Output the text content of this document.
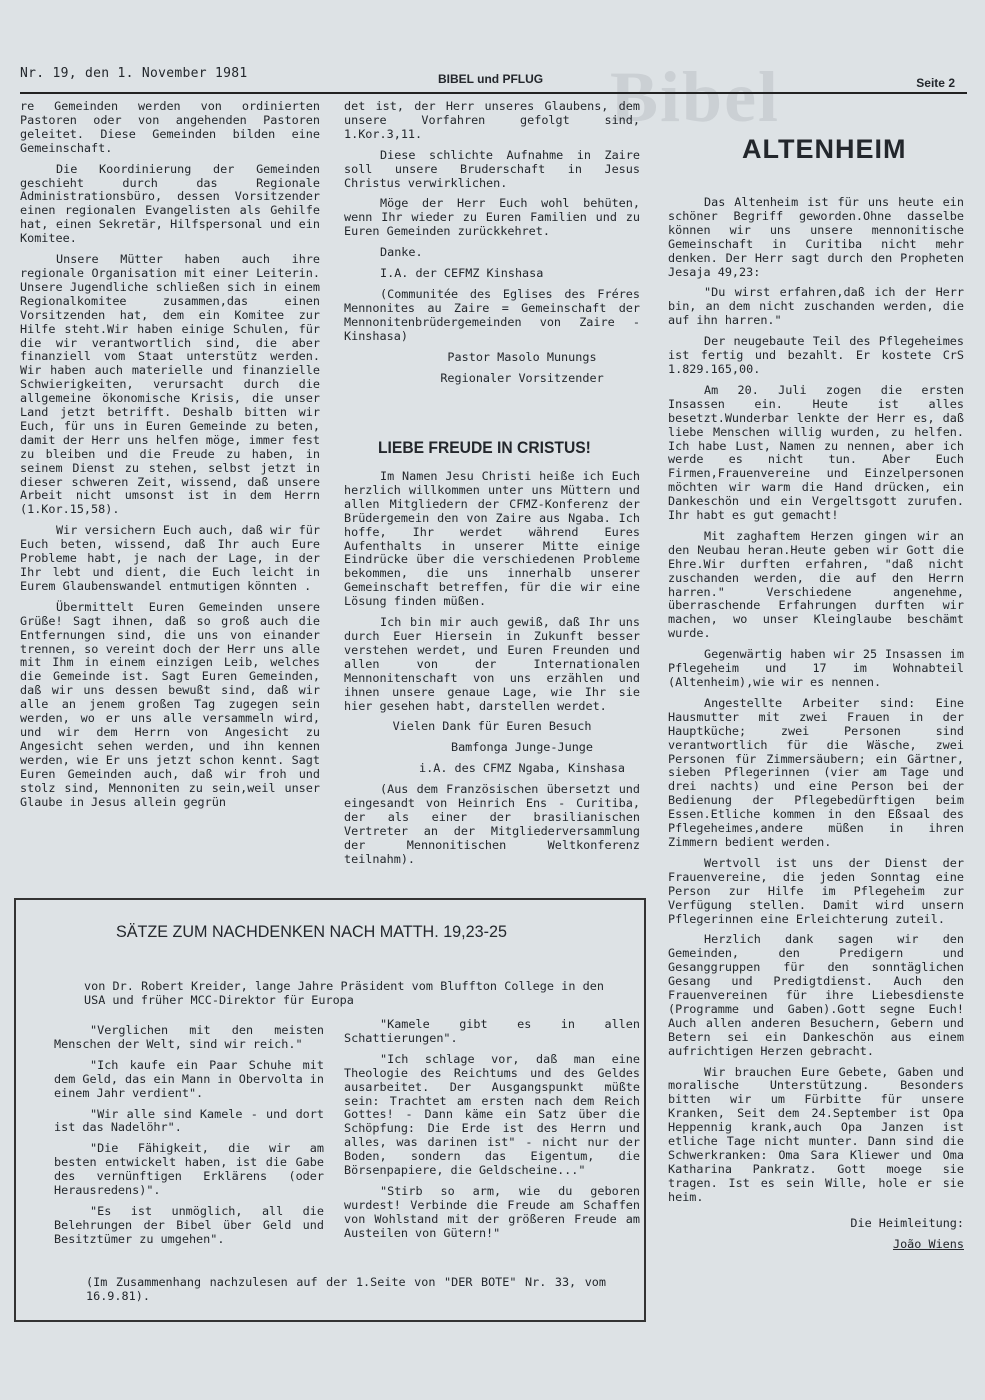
Bibel
Nr. 19, den 1. November 1981	BIBEL und PFLUG	Seite 2

re Gemeinden werden von ordinierten Pastoren oder von angehenden Pastoren geleitet. Diese Gemeinden bilden eine Gemeinschaft.

Die Koordinierung der Gemeinden geschieht durch das Regionale Administrationsbüro, dessen Vorsitzender einen regionalen Evangelisten als Gehilfe hat, einen Sekretär, Hilfspersonal und ein Komitee.

Unsere Mütter haben auch ihre regionale Organisation mit einer Leiterin. Unsere Jugendliche schließen sich in einem Regionalkomitee zusammen,das einen Vorsitzenden hat, dem ein Komitee zur Hilfe steht.Wir haben einige Schulen, für die wir verantwortlich sind, die aber finanziell vom Staat unterstütz werden. Wir haben auch materielle und finanzielle Schwierigkeiten, verursacht durch die allgemeine ökonomische Krisis, die unser Land jetzt betrifft. Deshalb bitten wir Euch, für uns in Euren Gemeinde zu beten, damit der Herr uns helfen möge, immer fest zu bleiben und die Freude zu haben, in seinem Dienst zu stehen, selbst jetzt in dieser schweren Zeit, wissend, daß unsere Arbeit nicht umsonst ist in dem Herrn (1.Kor.15,58).

Wir versichern Euch auch, daß wir für Euch beten, wissend, daß Ihr auch Eure Probleme habt, je nach der Lage, in der Ihr lebt und dient, die Euch leicht in Eurem Glaubenswandel entmutigen könnten .

Übermittelt Euren Gemeinden unsere Grüße! Sagt ihnen, daß so groß auch die Entfernungen sind, die uns von einander trennen, so vereint doch der Herr uns alle mit Ihm in einem einzigen Leib, welches die Gemeinde ist. Sagt Euren Gemeinden, daß wir uns dessen bewußt sind, daß wir alle an jenem großen Tag zugegen sein werden, wo er uns alle versammeln wird, und wir dem Herrn von Angesicht zu Angesicht sehen werden, und ihn kennen werden, wie Er uns jetzt schon kennt. Sagt Euren Gemeinden auch, daß wir froh und stolz sind, Mennoniten zu sein,weil unser Glaube in Jesus allein gegrün

det ist, der Herr unseres Glaubens, dem unsere Vorfahren gefolgt sind, 1.Kor.3,11.

Diese schlichte Aufnahme in Zaire soll unsere Bruderschaft in Jesus Christus verwirklichen.

Möge der Herr Euch wohl behüten, wenn Ihr wieder zu Euren Familien und zu Euren Gemeinden zurückkehret.

Danke.

I.A. der CEFMZ Kinshasa

(Communitée des Eglises des Fréres Mennonites au Zaire = Gemeinschaft der Mennonitenbrüdergemeinden von Zaire - Kinshasa)

Pastor Masolo Munungs

Regionaler Vorsitzender

LIEBE FREUDE IN CRISTUS!

Im Namen Jesu Christi heiße ich Euch herzlich willkommen unter uns Müttern und allen Mitgliedern der CFMZ-Konferenz der Brüdergemein den von Zaire aus Ngaba. Ich hoffe, Ihr werdet während Eures Aufenthalts in unserer Mitte einige Eindrücke über die verschiedenen Probleme bekommen, die uns innerhalb unserer Gemeinschaft betreffen, für die wir eine Lösung finden müßen.

Ich bin mir auch gewiß, daß Ihr uns durch Euer Hiersein in Zukunft besser verstehen werdet, und Euren Freunden und allen von der Internationalen Mennonitenschaft von uns erzählen und ihnen unsere genaue Lage, wie Ihr sie hier gesehen habt, darstellen werdet.

Vielen Dank für Euren Besuch

Bamfonga Junge-Junge

i.A. des CFMZ Ngaba, Kinshasa

(Aus dem Französischen übersetzt und eingesandt von Heinrich Ens - Curitiba, der als einer der brasilianischen Vertreter an der Mitgliederversammlung der Mennonitischen Weltkonferenz teilnahm).

ALTENHEIM

Das Altenheim ist für uns heute ein schöner Begriff geworden.Ohne dasselbe können wir uns unsere mennonitische Gemeinschaft in Curitiba nicht mehr denken. Der Herr sagt durch den Propheten Jesaja 49,23:

"Du wirst erfahren,daß ich der Herr bin, an dem nicht zuschanden werden, die auf ihn harren."

Der neugebaute Teil des Pflegeheimes ist fertig und bezahlt. Er kostete CrS 1.829.165,00.

Am 20. Juli zogen die ersten Insassen ein. Heute ist alles besetzt.Wunderbar lenkte der Herr es, daß liebe Menschen willig wurden, zu helfen. Ich habe Lust, Namen zu nennen, aber ich werde es nicht tun. Aber Euch Firmen,Frauenvereine und Einzelpersonen möchten wir warm die Hand drücken, ein Dankeschön und ein Vergeltsgott zurufen. Ihr habt es gut gemacht!

Mit zaghaftem Herzen gingen wir an den Neubau heran.Heute geben wir Gott die Ehre.Wir durften erfahren, "daß nicht zuschanden werden, die auf den Herrn harren." Verschiedene angenehme, überraschende Erfahrungen durften wir machen, wo unser Kleinglaube beschämt wurde.

Gegenwärtig haben wir 25 Insassen im Pflegeheim und 17 im Wohnabteil (Altenheim),wie wir es nennen.

Angestellte Arbeiter sind: Eine Hausmutter mit zwei Frauen in der Hauptküche; zwei Personen sind verantwortlich für die Wäsche, zwei Personen für Zimmersäubern; ein Gärtner, sieben Pflegerinnen (vier am Tage und drei nachts) und eine Person bei der Bedienung der Pflegebedürftigen beim Essen.Etliche kommen in den Eßsaal des Pflegeheimes,andere müßen in ihren Zimmern bedient werden.

Wertvoll ist uns der Dienst der Frauenvereine, die jeden Sonntag eine Person zur Hilfe im Pflegeheim zur Verfügung stellen. Damit wird unsern Pflegerinnen eine Erleichterung zuteil.

Herzlich dank sagen wir den Gemeinden, den Predigern und Gesanggruppen für den sonntäglichen Gesang und Predigtdienst. Auch den Frauenvereinen für ihre Liebesdienste (Programme und Gaben).Gott segne Euch! Auch allen anderen Besuchern, Gebern und Betern sei ein Dankeschön aus einem aufrichtigen Herzen gebracht.

Wir brauchen Eure Gebete, Gaben und moralische Unterstützung. Besonders bitten wir um Fürbitte für unsere Kranken, Seit dem 24.September ist Opa Heppennig krank,auch Opa Janzen ist etliche Tage nicht munter. Dann sind die Schwerkranken: Oma Sara Kliewer und Oma Katharina Pankratz. Gott moege sie tragen. Ist es sein Wille, hole er sie heim.

Die Heimleitung:

João Wiens

SÄTZE ZUM NACHDENKEN NACH MATTH. 19,23-25

von Dr. Robert Kreider, lange Jahre Präsident vom Bluffton College in den USA und früher MCC-Direktor für Europa

"Verglichen mit den meisten Menschen der Welt, sind wir reich."

"Ich kaufe ein Paar Schuhe mit dem Geld, das ein Mann in Obervolta in einem Jahr verdient".

"Wir alle sind Kamele - und dort ist das Nadelöhr".

"Die Fähigkeit, die wir am besten entwickelt haben, ist die Gabe des vernünftigen Erklärens (oder Herausredens)".

"Es ist unmöglich, all die Belehrungen der Bibel über Geld und Besitztümer zu umgehen".

"Kamele gibt es in allen Schattierungen".

"Ich schlage vor, daß man eine Theologie des Reichtums und des Geldes ausarbeitet. Der Ausgangspunkt müßte sein: Trachtet am ersten nach dem Reich Gottes! - Dann käme ein Satz über die Schöpfung: Die Erde ist des Herrn und alles, was darinen ist" - nicht nur der Boden, sondern das Eigentum, die Börsenpapiere, die Geldscheine..."

"Stirb so arm, wie du geboren wurdest! Verbinde die Freude am Schaffen von Wohlstand mit der größeren Freude am Austeilen von Gütern!"

(Im Zusammenhang nachzulesen auf der 1.Seite von "DER BOTE" Nr. 33, vom 16.9.81).
